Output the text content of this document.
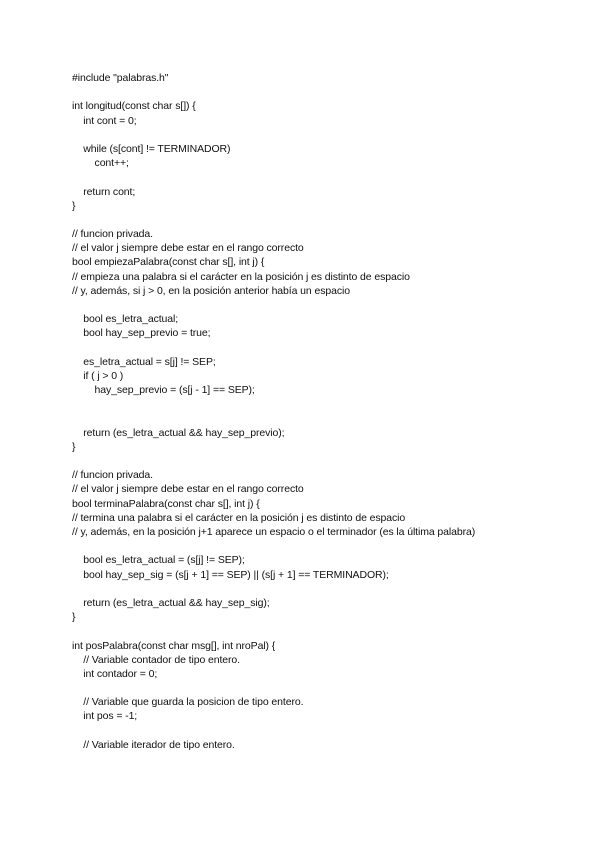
#include "palabras.h"
int longitud(const char s[]) {
int cont = 0;
while (s[cont] != TERMINADOR)
cont++;
return cont;
}
// funcion privada.
// el valor j siempre debe estar en el rango correcto
bool empiezaPalabra(const char s[], int j) {
// empieza una palabra si el carácter en la posición j es distinto de espacio
// y, además, si j > 0, en la posición anterior había un espacio
bool es_letra_actual;
bool hay_sep_previo = true;
es_letra_actual = s[j] != SEP;
if ( j > 0 )
hay_sep_previo = (s[j - 1] == SEP);
return (es_letra_actual && hay_sep_previo);
}
// funcion privada.
// el valor j siempre debe estar en el rango correcto
bool terminaPalabra(const char s[], int j) {
// termina una palabra si el carácter en la posición j es distinto de espacio
// y, además, en la posición j+1 aparece un espacio o el terminador (es la última palabra)
bool es_letra_actual = (s[j] != SEP);
bool hay_sep_sig = (s[j + 1] == SEP) || (s[j + 1] == TERMINADOR);
return (es_letra_actual && hay_sep_sig);
}
int posPalabra(const char msg[], int nroPal) {
// Variable contador de tipo entero.
int contador = 0;
// Variable que guarda la posicion de tipo entero.
int pos = -1;
// Variable iterador de tipo entero.
